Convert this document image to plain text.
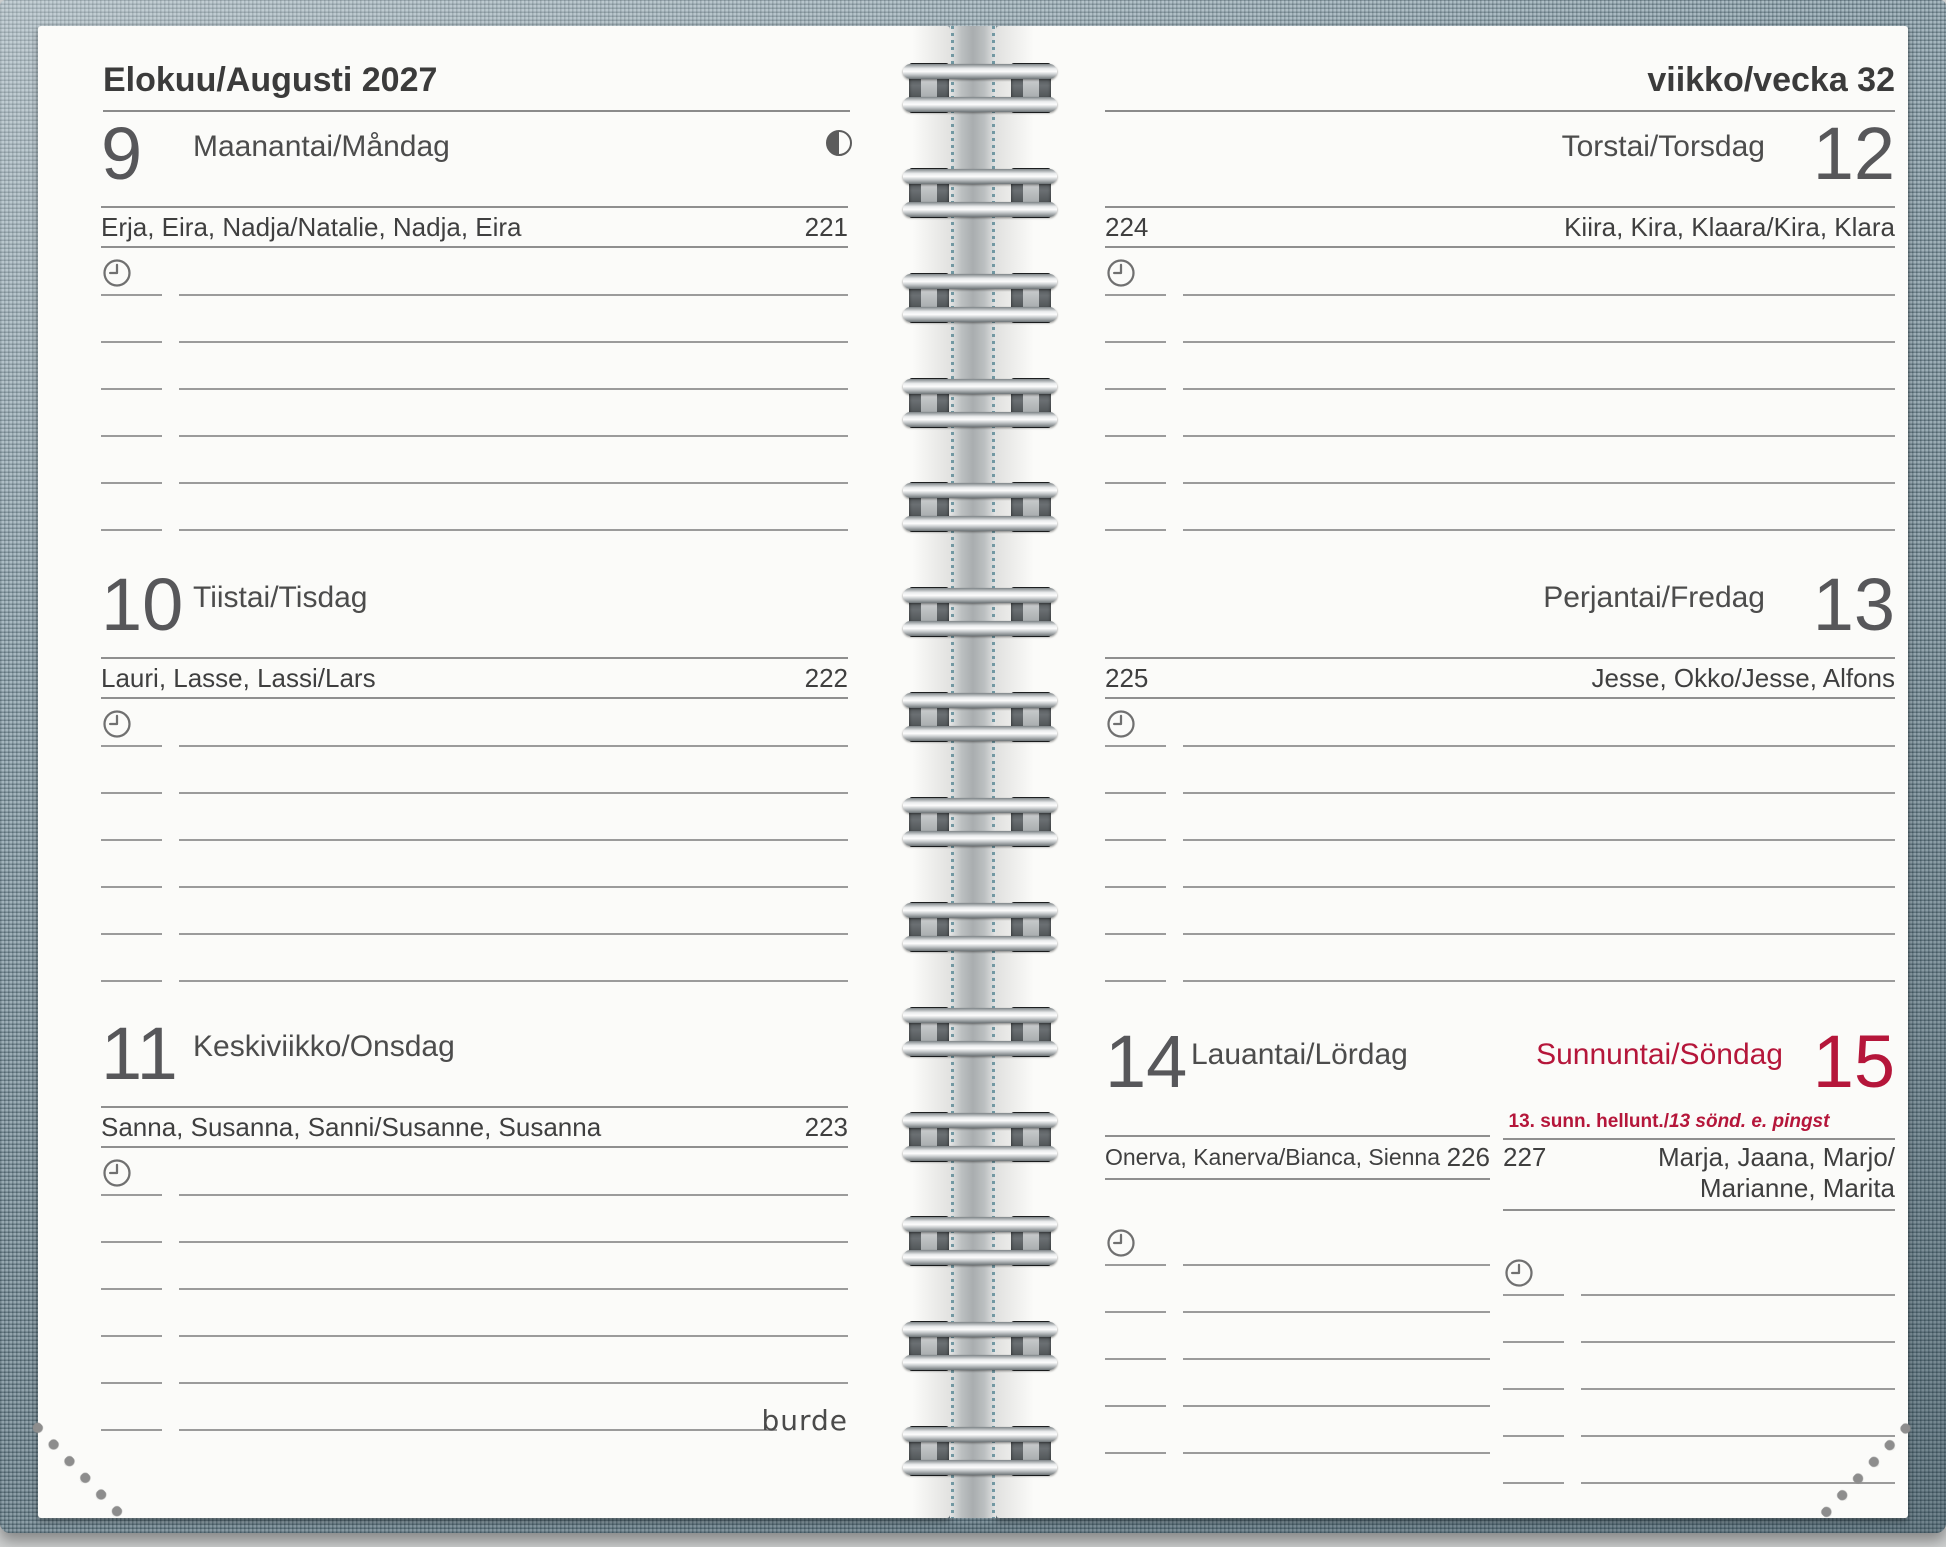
Elokuu/Augusti 2027
9 Maanantai/Måndag
Erja, Eira, Nadja/Natalie, Nadja, Eira	221
10 Tiistai/Tisdag
Lauri, Lasse, Lassi/Lars	222
11 Keskiviikko/Onsdag
Sanna, Susanna, Sanni/Susanne, Susanna	223
burde
viikko/vecka 32
12
Torstai/Torsdag
224	Kiira, Kira, Klaara/Kira, Klara
13
Perjantai/Fredag
225	Jesse, Okko/Jesse, Alfons
14 Lauantai/Lördag
Onerva, Kanerva/Bianca, Sienna 226
Sunnuntai/Söndag 15
13. sunn. hellunt./13 sönd. e. pingst
227	Marja, Jaana, Marjo/
Marianne, Marita
